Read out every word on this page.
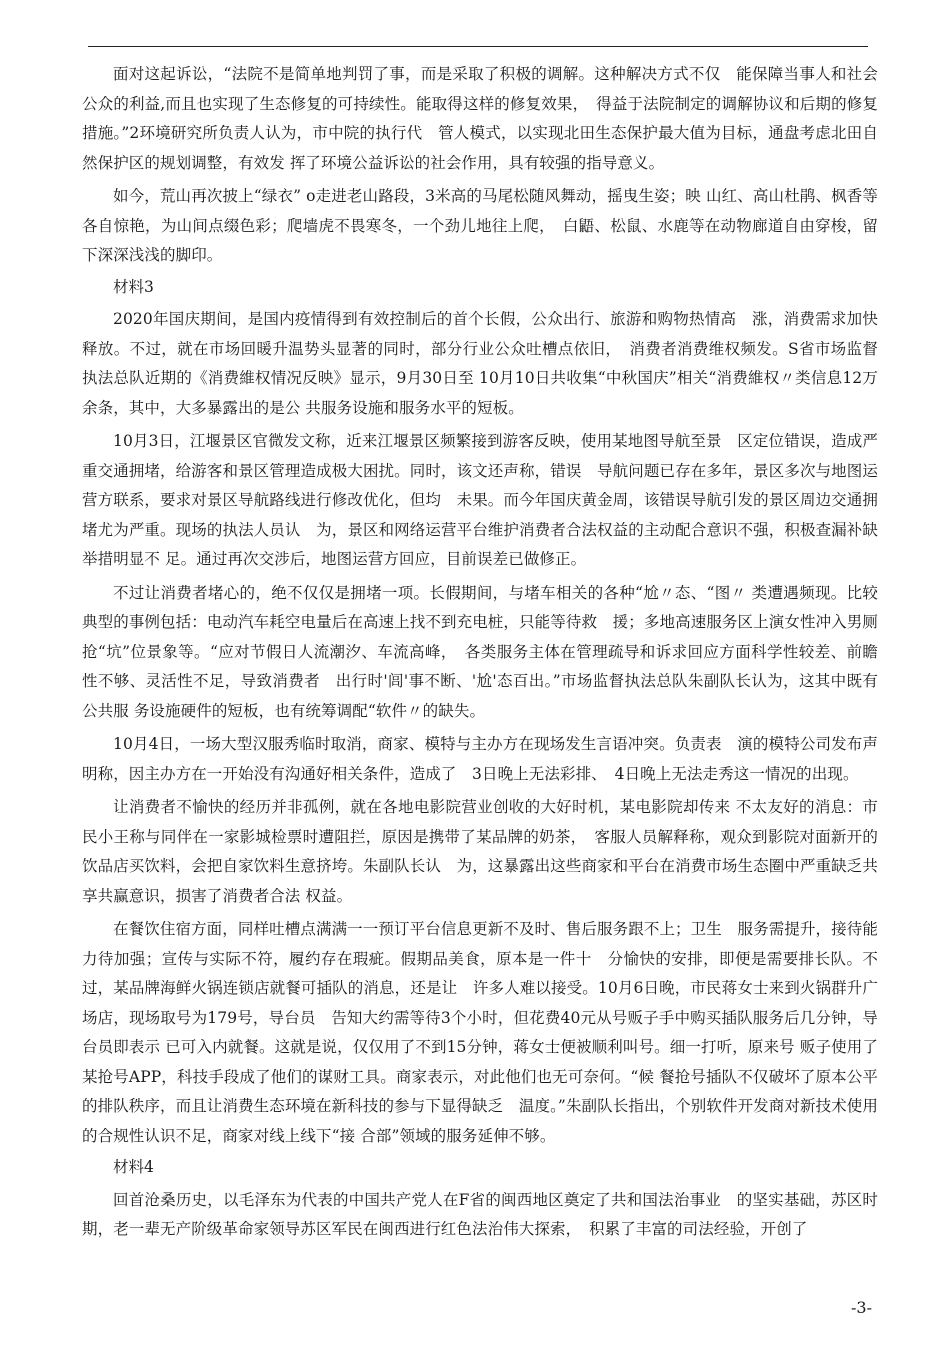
面对这起诉讼，“法院不是简单地判罚了事，而是采取了积极的调解。这种解决方式不仅　能保障当事人和社会公众的利益,而且也实现了生态修复的可持续性。能取得这样的修复效果，　得益于法院制定的调解协议和后期的修复措施。”2环境研究所负责人认为，市中院的执行代　管人模式，以实现北田生态保护最大值为目标，通盘考虑北田自然保护区的规划调整，有效发 挥了环境公益诉讼的社会作用，具有较强的指导意义。

如今，荒山再次披上“绿衣” o走进老山路段，3米高的马尾松随风舞动，摇曳生姿；映 山红、高山杜鹃、枫香等各自惊艳，为山间点缀色彩；爬墙虎不畏寒冬，一个劲儿地往上爬，　白鼯、松鼠、水鹿等在动物廊道自由穿梭，留下深深浅浅的脚印。

材料3

2020年国庆期间，是国内疫情得到有效控制后的首个长假，公众出行、旅游和购物热情高　涨，消费需求加快释放。不过，就在市场回暖升温势头显著的同时，部分行业公众吐槽点依旧，　消费者消费维权频发。S省市场监督执法总队近期的《消费維权情况反映》显示，9月30日至 10月10日共收集“中秋国庆”相关“消费維权〃类信息12万余条，其中，大多暴露出的是公 共服务设施和服务水平的短板。

10月3日，江堰景区官微发文称，近来江堰景区频繁接到游客反映，使用某地图导航至景　区定位错误，造成严重交通拥堵，给游客和景区管理造成极大困扰。同时，该文还声称，错误　导航问题已存在多年，景区多次与地图运营方联系，要求对景区导航路线进行修改优化，但均　未果。而今年国庆黄金周，该错误导航引发的景区周边交通拥堵尤为严重。现场的执法人员认　为，景区和网络运营平台维护消费者合法权益的主动配合意识不强，积极查漏补缺举措明显不 足。通过再次交涉后，地图运营方回应，目前误差已做修正。

不过让消费者堵心的，绝不仅仅是拥堵一项。长假期间，与堵车相关的各种“尬〃态、“图〃 类遭遇频现。比较典型的事例包括：电动汽车耗空电量后在高速上找不到充电桩，只能等待救　援；多地高速服务区上演女性冲入男厕抢“坑”位景象等。“应对节假日人流潮汐、车流高峰，　各类服务主体在管理疏导和诉求回应方面科学性较差、前瞻性不够、灵活性不足，导致消费者　出行时'闾'事不断、'尬'态百出。”市场监督执法总队朱副队长认为，这其中既有公共服 务设施硬件的短板，也有统筹调配“软件〃的缺失。

10月4日，一场大型汉服秀临时取消，商家、模特与主办方在现场发生言语冲突。负责表　演的模特公司发布声明称，因主办方在一开始没有沟通好相关条件，造成了　3日晚上无法彩排、　4日晚上无法走秀这一情况的出现。

让消费者不愉快的经历并非孤例，就在各地电影院营业创收的大好时机，某电影院却传来 不太友好的消息：市民小王称与同伴在一家影城检票时遭阻拦，原因是携带了某品牌的奶茶，　客服人员解释称，观众到影院对面新开的饮品店买饮料，会把自家饮料生意挤垮。朱副队长认　为，这暴露出这些商家和平台在消费市场生态圈中严重缺乏共享共赢意识，损害了消费者合法 权益。

在餐饮住宿方面，同样吐槽点满满一一预订平台信息更新不及时、售后服务跟不上；卫生　服务需提升，接待能力待加强；宣传与实际不符，履约存在瑕疵。假期品美食，原本是一件十　分愉快的安排，即便是需要排长队。不过，某品牌海鲜火锅连锁店就餐可插队的消息，还是让　许多人难以接受。10月6日晚，市民蒋女士来到火锅群升广场店，现场取号为179号，导台员　告知大约需等待3个小时，但花费40元从号贩子手中购买插队服务后几分钟，导台员即表示 已可入内就餐。这就是说，仅仅用了不到15分钟，蒋女士便被顺利叫号。细一打听，原来号 贩子使用了某抢号APP，科技手段成了他们的谋财工具。商家表示，对此他们也无可奈何。“候 餐抢号插队不仅破坏了原本公平的排队秩序，而且让消费生态环境在新科技的参与下显得缺乏　温度。”朱副队长指出，个别软件开发商对新技术使用的合规性认识不足，商家对线上线下“接 合部”领域的服务延伸不够。

材料4

回首沧桑历史，以毛泽东为代表的中国共产党人在F省的闽西地区奠定了共和国法治事业　的坚实基础，苏区时期，老一辈无产阶级革命家领导苏区军民在闽西进行红色法治伟大探索，　积累了丰富的司法经验，开创了

-3-
